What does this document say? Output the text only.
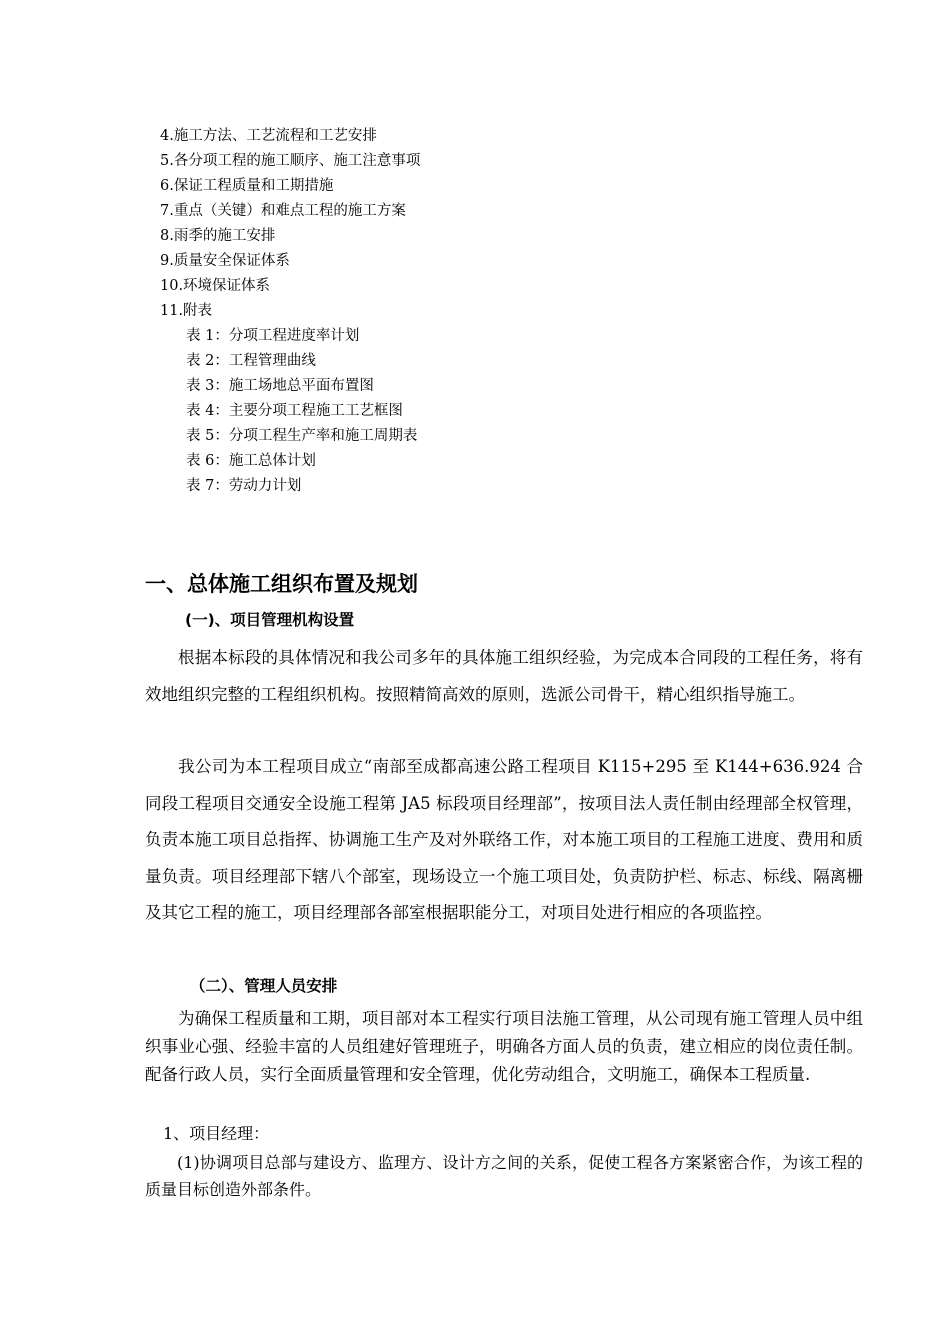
4.施工方法、工艺流程和工艺安排
5.各分项工程的施工顺序、施工注意事项
6.保证工程质量和工期措施
7.重点（关键）和难点工程的施工方案
8.雨季的施工安排
9.质量安全保证体系
10.环境保证体系
11.附表
表 1：分项工程进度率计划
表 2：工程管理曲线
表 3：施工场地总平面布置图
表 4：主要分项工程施工工艺框图
表 5：分项工程生产率和施工周期表
表 6：施工总体计划
表 7：劳动力计划
一、总体施工组织布置及规划
(一)、项目管理机构设置

根据本标段的具体情况和我公司多年的具体施工组织经验，为完成本合同段的工程任务，将有效地组织完整的工程组织机构。按照精简高效的原则，选派公司骨干，精心组织指导施工。

我公司为本工程项目成立“南部至成都高速公路工程项目 K115+295 至 K144+636.924 合同段工程项目交通安全设施工程第 JA5 标段项目经理部”，按项目法人责任制由经理部全权管理，负责本施工项目总指挥、协调施工生产及对外联络工作，对本施工项目的工程施工进度、费用和质量负责。项目经理部下辖八个部室，现场设立一个施工项目处，负责防护栏、标志、标线、隔离栅及其它工程的施工，项目经理部各部室根据职能分工，对项目处进行相应的各项监控。

（二）、管理人员安排

为确保工程质量和工期，项目部对本工程实行项目法施工管理，从公司现有施工管理人员中组织事业心强、经验丰富的人员组建好管理班子，明确各方面人员的负责，建立相应的岗位责任制。配备行政人员，实行全面质量管理和安全管理，优化劳动组合，文明施工，确保本工程质量.

1、项目经理：

(1)协调项目总部与建设方、监理方、设计方之间的关系，促使工程各方案紧密合作，为该工程的质量目标创造外部条件。
